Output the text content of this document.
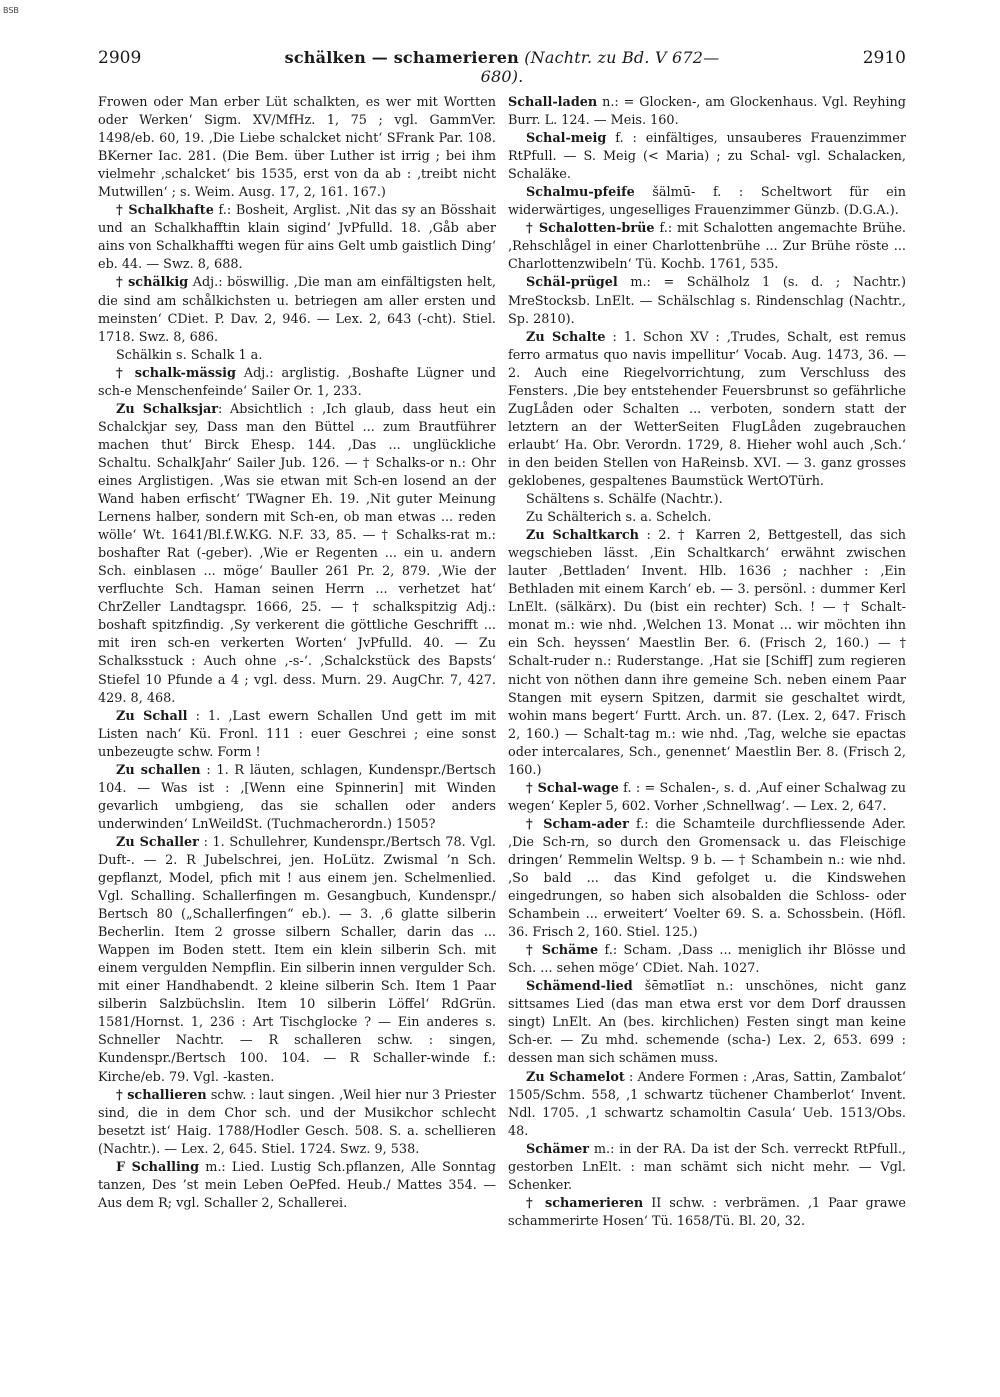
BSB
2909	schälken — schamerieren (Nachtr. zu Bd. V 672—680).
2910

Frowen oder Man erber Lüt schalkten, es wer mit Wortten oder Werken‘ Sigm. XV/MfHz. 1, 75 ; vgl. GammVer. 1498/eb. 60, 19. ‚Die Liebe schalcket nicht‘ SFrank Par. 108. BKerner Iac. 281. (Die Bem. über Luther ist irrig ; bei ihm vielmehr ‚schalcket‘ bis 1535, erst von da ab : ‚treibt nicht Mutwillen‘ ; s. Weim. Ausg. 17, 2, 161. 167.)

† Schalkhafte f.: Bosheit, Arglist. ‚Nit das sy an Bösshait und an Schalkhafftin klain sigind‘ JvPfulld. 18. ‚Gåb aber ains von Schalkhaffti wegen für ains Gelt umb gaistlich Ding‘ eb. 44. — Swz. 8, 688.

† schälkig Adj.: böswillig. ‚Die man am einfältigsten helt, die sind am schålkichsten u. betriegen am aller ersten und meinsten‘ CDiet. P. Dav. 2, 946. — Lex. 2, 643 (-cht). Stiel. 1718. Swz. 8, 686.

Schälkin s. Schalk 1 a.

† schalk-mässig Adj.: arglistig. ‚Boshafte Lügner und sch-e Menschenfeinde‘ Sailer Or. 1, 233.

Zu Schalksjar: Absichtlich : ‚Ich glaub, dass heut ein Schalckjar sey, Dass man den Büttel ... zum Brautführer machen thut‘ Birck Ehesp. 144. ‚Das ... unglückliche Schaltu. SchalkJahr‘ Sailer Jub. 126. — † Schalks-or n.: Ohr eines Arglistigen. ‚Was sie etwan mit Sch-en losend an der Wand haben erfischt‘ TWagner Eh. 19. ‚Nit guter Meinung Lernens halber, sondern mit Sch-en, ob man etwas ... reden wölle‘ Wt. 1641/Bl.f.W.KG. N.F. 33, 85. — † Schalks-rat m.: boshafter Rat (-geber). ‚Wie er Regenten ... ein u. andern Sch. einblasen ... möge‘ Bauller 261 Pr. 2, 879. ‚Wie der verfluchte Sch. Haman seinen Herrn ... verhetzet hat‘ ChrZeller Landtagspr. 1666, 25. — † schalkspitzig Adj.: boshaft spitzfindig. ‚Sy verkerent die göttliche Geschrifft ... mit iren sch-en verkerten Worten‘ JvPfulld. 40. — Zu Schalksstuck : Auch ohne ‚-s-‘. ‚Schalckstück des Bapsts‘ Stiefel 10 Pfunde a 4 ; vgl. dess. Murn. 29. AugChr. 7, 427. 429. 8, 468.

Zu Schall : 1. ‚Last ewern Schallen Und gett im mit Listen nach‘ Kü. Fronl. 111 : euer Geschrei ; eine sonst unbezeugte schw. Form !

Zu schallen : 1. R läuten, schlagen, Kundenspr./Bertsch 104. — Was ist : ‚[Wenn eine Spinnerin] mit Winden gevarlich umbgieng, das sie schallen oder anders underwinden‘ LnWeildSt. (Tuchmacherordn.) 1505?

Zu Schaller : 1. Schullehrer, Kundenspr./Bertsch 78. Vgl. Duft-. — 2. R Jubelschrei, jen. HoLütz. Zwismal ’n Sch. gepflanzt, Model, pfich mit ! aus einem jen. Schelmenlied. Vgl. Schalling. Schallerfingen m. Gesangbuch, Kundenspr./ Bertsch 80 („Schallerfingen“ eb.). — 3. ‚6 glatte silberin Becherlin. Item 2 grosse silbern Schaller, darin das ... Wappen im Boden stett. Item ein klein silberin Sch. mit einem vergulden Nempflin. Ein silberin innen vergulder Sch. mit einer Handhabendt. 2 kleine silberin Sch. Item 1 Paar silberin Salzbüchslin. Item 10 silberin Löffel‘ RdGrün. 1581/Hornst. 1, 236 : Art Tischglocke ? — Ein anderes s. Schneller Nachtr. — R schalleren schw. : singen, Kundenspr./Bertsch 100. 104. — R Schaller-winde f.: Kirche/eb. 79. Vgl. -kasten.

† schallieren schw. : laut singen. ‚Weil hier nur 3 Priester sind, die in dem Chor sch. und der Musikchor schlecht besetzt ist‘ Haig. 1788/Hodler Gesch. 508. S. a. schellieren (Nachtr.). — Lex. 2, 645. Stiel. 1724. Swz. 9, 538.

F Schalling m.: Lied. Lustig Sch.pflanzen, Alle Sonntag tanzen, Des ’st mein Leben OePfed. Heub./ Mattes 354. — Aus dem R; vgl. Schaller 2, Schallerei.

Schall-laden n.: = Glocken-, am Glockenhaus. Vgl. Reyhing Burr. L. 124. — Meis. 160.

Schal-meig f. : einfältiges, unsauberes Frauenzimmer RtPfull. — S. Meig (< Maria) ; zu Schal- vgl. Schalacken, Schaläke.

Schalmu-pfeife šälmū- f. : Scheltwort für ein widerwärtiges, ungeselliges Frauenzimmer Günzb. (D.G.A.).

† Schalotten-brüe f.: mit Schalotten angemachte Brühe. ‚Rehschlågel in einer Charlottenbrühe ... Zur Brühe röste ... Charlottenzwibeln‘ Tü. Kochb. 1761, 535.

Schäl-prügel m.: = Schälholz 1 (s. d. ; Nachtr.) MreStocksb. LnElt. — Schälschlag s. Rindenschlag (Nachtr., Sp. 2810).

Zu Schalte : 1. Schon XV : ‚Trudes, Schalt, est remus ferro armatus quo navis impellitur‘ Vocab. Aug. 1473, 36. — 2. Auch eine Riegelvorrichtung, zum Verschluss des Fensters. ‚Die bey entstehender Feuersbrunst so gefährliche ZugLåden oder Schalten ... verboten, sondern statt der letztern an der WetterSeiten FlugLåden zugebrauchen erlaubt‘ Ha. Obr. Verordn. 1729, 8. Hieher wohl auch ‚Sch.‘ in den beiden Stellen von HaReinsb. XVI. — 3. ganz grosses geklobenes, gespaltenes Baumstück WertOTürh.

Schältens s. Schälfe (Nachtr.).

Zu Schälterich s. a. Schelch.

Zu Schaltkarch : 2. † Karren 2, Bettgestell, das sich wegschieben lässt. ‚Ein Schaltkarch‘ erwähnt zwischen lauter ‚Bettladen‘ Invent. Hlb. 1636 ; nachher : ‚Ein Bethladen mit einem Karch‘ eb. — 3. persönl. : dummer Kerl LnElt. (sälkärx). Du (bist ein rechter) Sch. ! — † Schalt-monat m.: wie nhd. ‚Welchen 13. Monat ... wir möchten ihn ein Sch. heyssen‘ Maestlin Ber. 6. (Frisch 2, 160.) — † Schalt-ruder n.: Ruderstange. ‚Hat sie [Schiff] zum regieren nicht von nöthen dann ihre gemeine Sch. neben einem Paar Stangen mit eysern Spitzen, darmit sie geschaltet wirdt, wohin mans begert‘ Furtt. Arch. un. 87. (Lex. 2, 647. Frisch 2, 160.) — Schalt-tag m.: wie nhd. ‚Tag, welche sie epactas oder intercalares, Sch., genennet‘ Maestlin Ber. 8. (Frisch 2, 160.)

† Schal-wage f. : = Schalen-, s. d. ‚Auf einer Schalwag zu wegen‘ Kepler 5, 602. Vorher ‚Schnellwag‘. — Lex. 2, 647.

† Scham-ader f.: die Schamteile durchfliessende Ader. ‚Die Sch-rn, so durch den Gromensack u. das Fleischige dringen‘ Remmelin Weltsp. 9 b. — † Schambein n.: wie nhd. ‚So bald ... das Kind gefolget u. die Kindswehen eingedrungen, so haben sich alsobalden die Schloss- oder Schambein ... erweitert‘ Voelter 69. S. a. Schossbein. (Höfl. 36. Frisch 2, 160. Stiel. 125.)

† Schäme f.: Scham. ‚Dass ... meniglich ihr Blösse und Sch. ... sehen möge‘ CDiet. Nah. 1027.

Schämend-lied šēmətlīət n.: unschönes, nicht ganz sittsames Lied (das man etwa erst vor dem Dorf draussen singt) LnElt. An (bes. kirchlichen) Festen singt man keine Sch-er. — Zu mhd. schemende (scha-) Lex. 2, 653. 699 : dessen man sich schämen muss.

Zu Schamelot : Andere Formen : ‚Aras, Sattin, Zambalot‘ 1505/Schm. 558, ‚1 schwartz tüchener Chamberlot‘ Invent. Ndl. 1705. ‚1 schwartz schamoltin Casula‘ Ueb. 1513/Obs. 48.

Schämer m.: in der RA. Da ist der Sch. verreckt RtPfull., gestorben LnElt. : man schämt sich nicht mehr. — Vgl. Schenker.

† schamerieren II schw. : verbrämen. ‚1 Paar grawe schammerirte Hosen‘ Tü. 1658/Tü. Bl. 20, 32.
